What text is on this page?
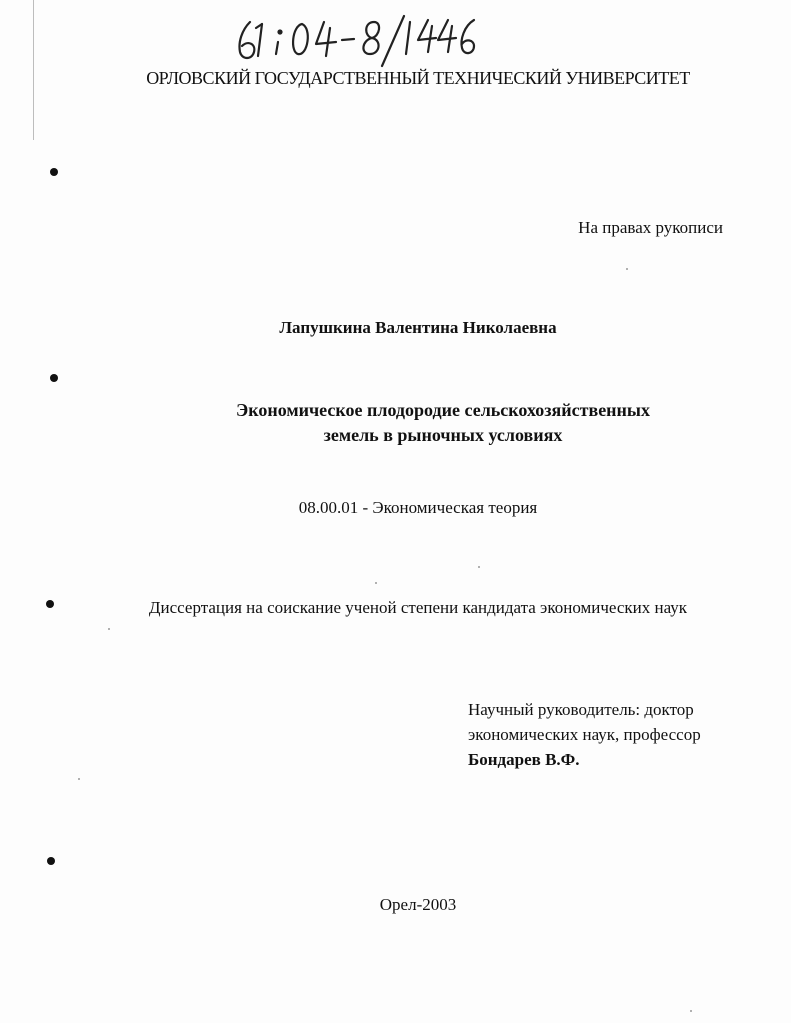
ОРЛОВСКИЙ ГОСУДАРСТВЕННЫЙ ТЕХНИЧЕСКИЙ УНИВЕРСИТЕТ
На правах рукописи
Лапушкина Валентина Николаевна
Экономическое плодородие сельскохозяйственных
земель в рыночных условиях
08.00.01 - Экономическая теория
Диссертация на соискание ученой степени кандидата экономических наук
Научный руководитель: доктор
экономических наук, профессор
Бондарев В.Ф.
Орел-2003
